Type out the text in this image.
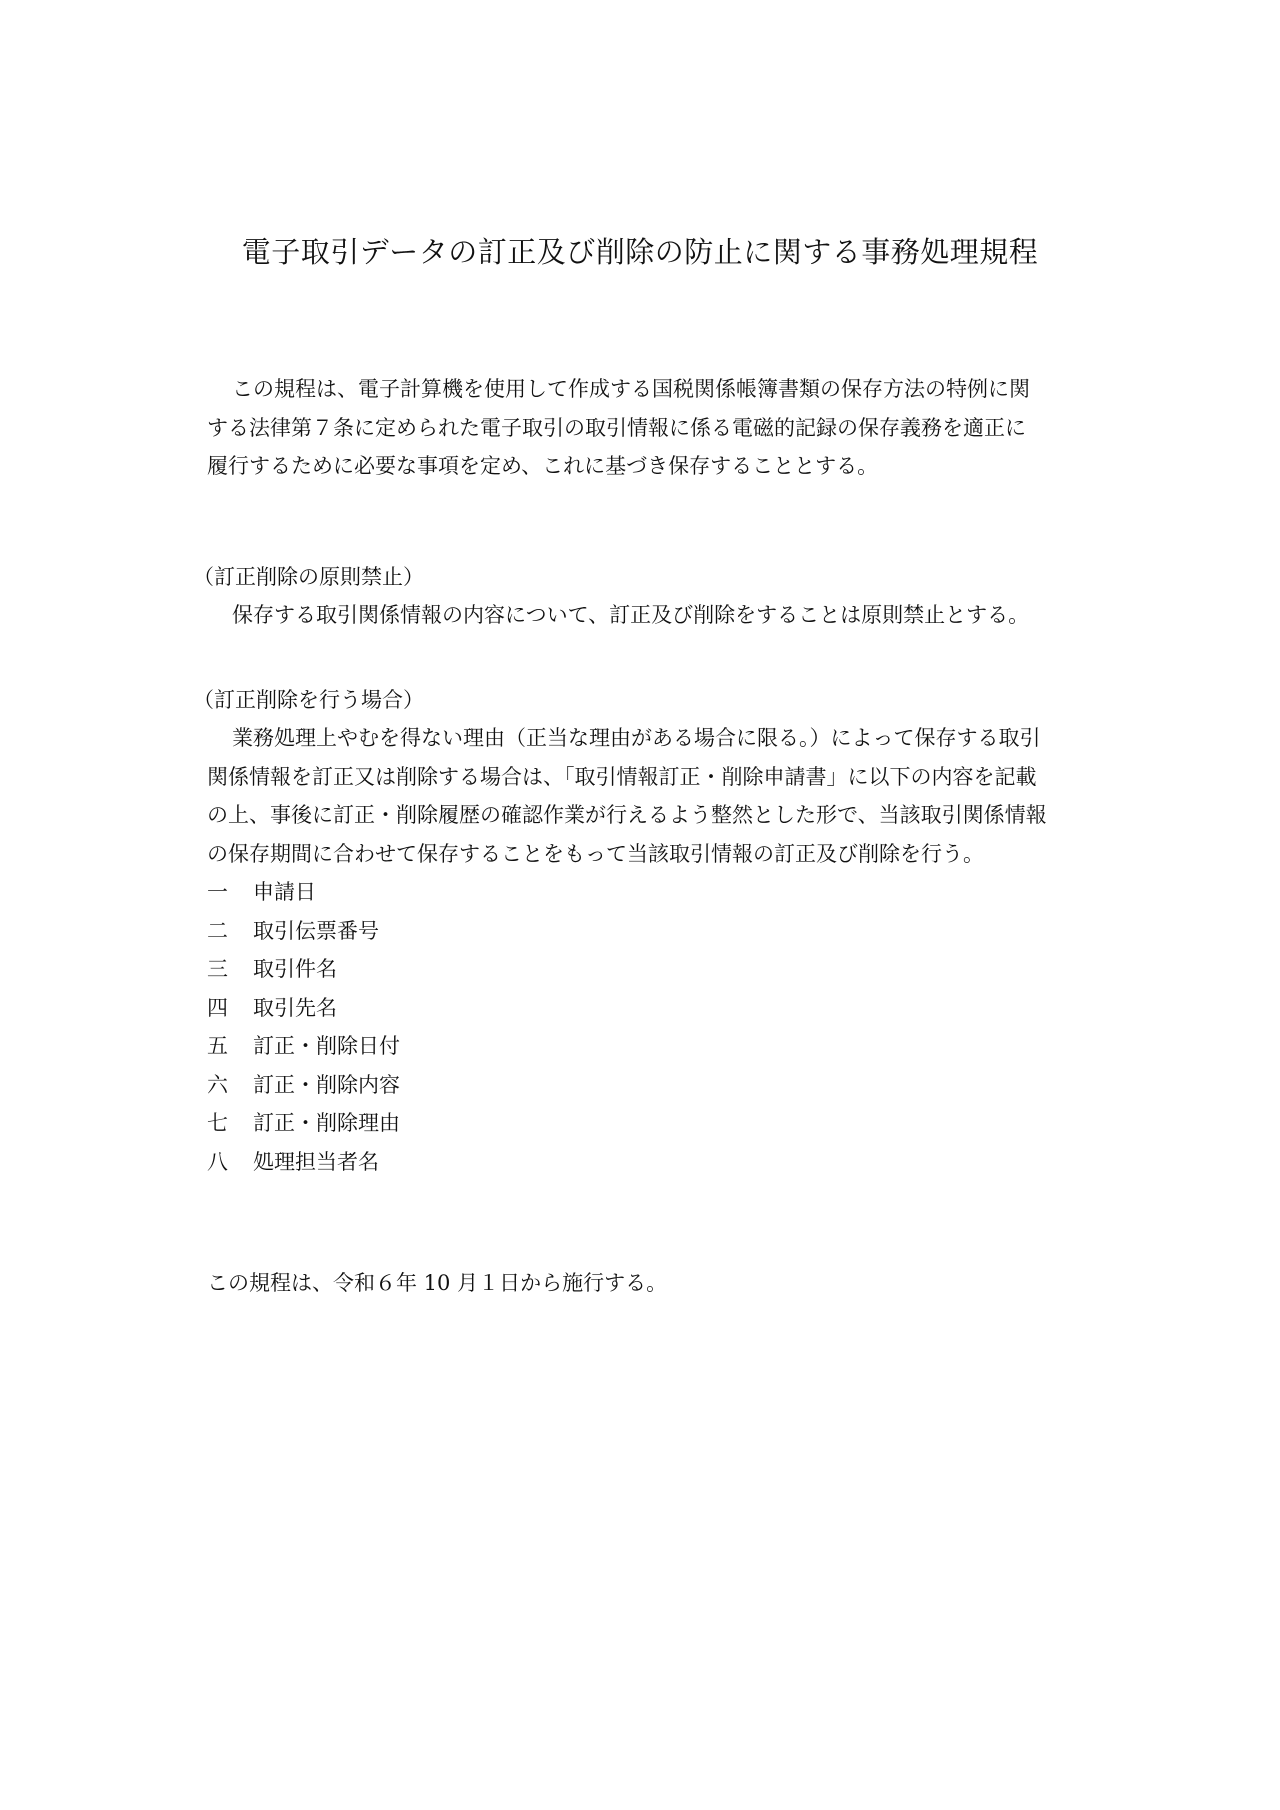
電子取引データの訂正及び削除の防止に関する事務処理規程
この規程は、電子計算機を使用して作成する国税関係帳簿書類の保存方法の特例に関
する法律第７条に定められた電子取引の取引情報に係る電磁的記録の保存義務を適正に
履行するために必要な事項を定め、これに基づき保存することとする。
（訂正削除の原則禁止）
保存する取引関係情報の内容について、訂正及び削除をすることは原則禁止とする。
（訂正削除を行う場合）
業務処理上やむを得ない理由（正当な理由がある場合に限る。）によって保存する取引
関係情報を訂正又は削除する場合は、「取引情報訂正・削除申請書」に以下の内容を記載
の上、事後に訂正・削除履歴の確認作業が行えるよう整然とした形で、当該取引関係情報
の保存期間に合わせて保存することをもって当該取引情報の訂正及び削除を行う。
一	申請日
二	取引伝票番号
三	取引件名
四	取引先名
五	訂正・削除日付
六	訂正・削除内容
七	訂正・削除理由
八	処理担当者名
この規程は、令和６年 10 月１日から施行する。
